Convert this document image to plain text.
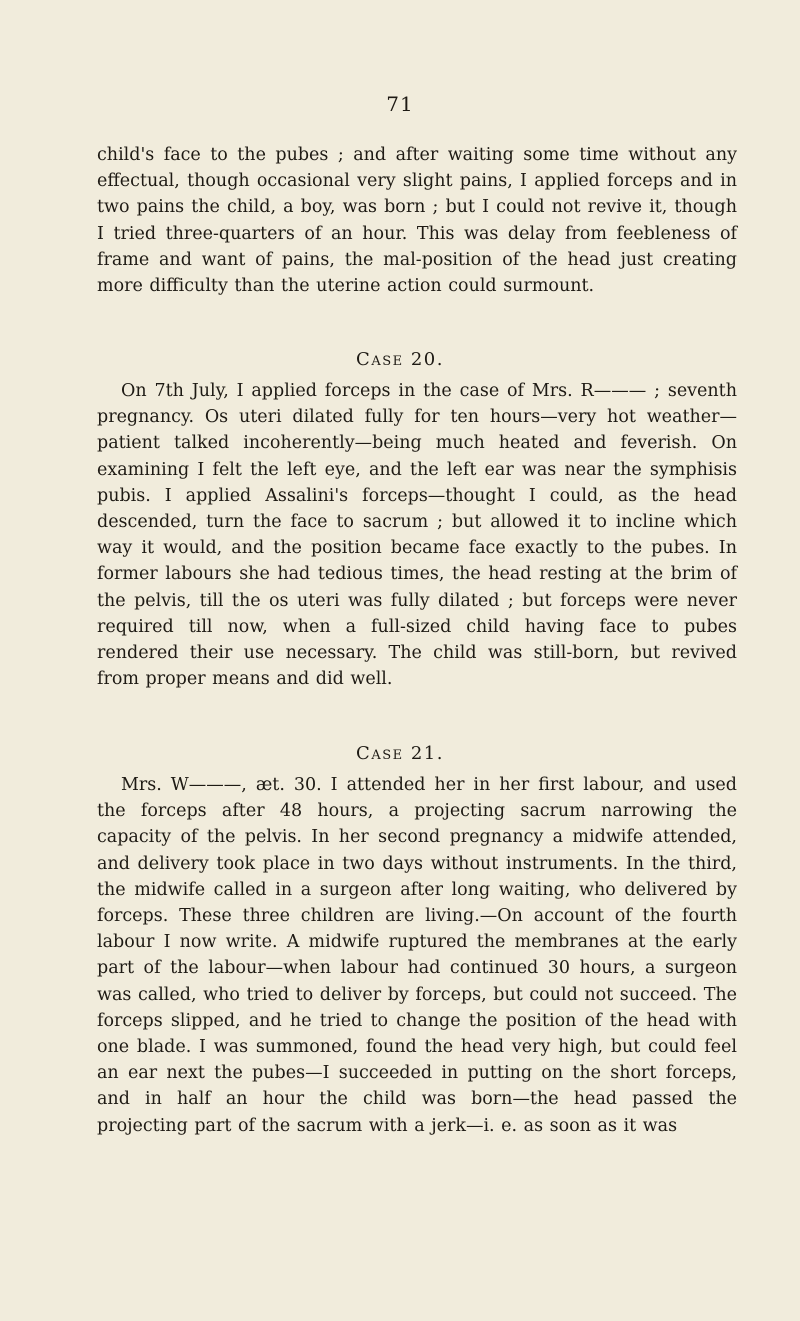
71

child's face to the pubes ; and after waiting some time without any effectual, though occasional very slight pains, I applied forceps and in two pains the child, a boy, was born ; but I could not revive it, though I tried three-quarters of an hour. This was delay from feebleness of frame and want of pains, the mal-position of the head just creating more difficulty than the uterine action could surmount.

Case 20.

On 7th July, I applied forceps in the case of Mrs. R——— ; seventh pregnancy. Os uteri dilated fully for ten hours—very hot weather—patient talked incoherently—being much heated and feverish. On examining I felt the left eye, and the left ear was near the symphisis pubis. I applied Assalini's forceps—thought I could, as the head descended, turn the face to sacrum ; but allowed it to incline which way it would, and the position became face exactly to the pubes. In former labours she had tedious times, the head resting at the brim of the pelvis, till the os uteri was fully dilated ; but forceps were never required till now, when a full-sized child having face to pubes rendered their use necessary. The child was still-born, but revived from proper means and did well.

Case 21.

Mrs. W———, æt. 30. I attended her in her first labour, and used the forceps after 48 hours, a projecting sacrum narrowing the capacity of the pelvis. In her second pregnancy a midwife attended, and delivery took place in two days without instruments. In the third, the midwife called in a surgeon after long waiting, who delivered by forceps. These three children are living.—On account of the fourth labour I now write. A midwife ruptured the membranes at the early part of the labour—when labour had continued 30 hours, a surgeon was called, who tried to deliver by forceps, but could not succeed. The forceps slipped, and he tried to change the position of the head with one blade. I was summoned, found the head very high, but could feel an ear next the pubes—I succeeded in putting on the short forceps, and in half an hour the child was born—the head passed the projecting part of the sacrum with a jerk—i. e. as soon as it was
